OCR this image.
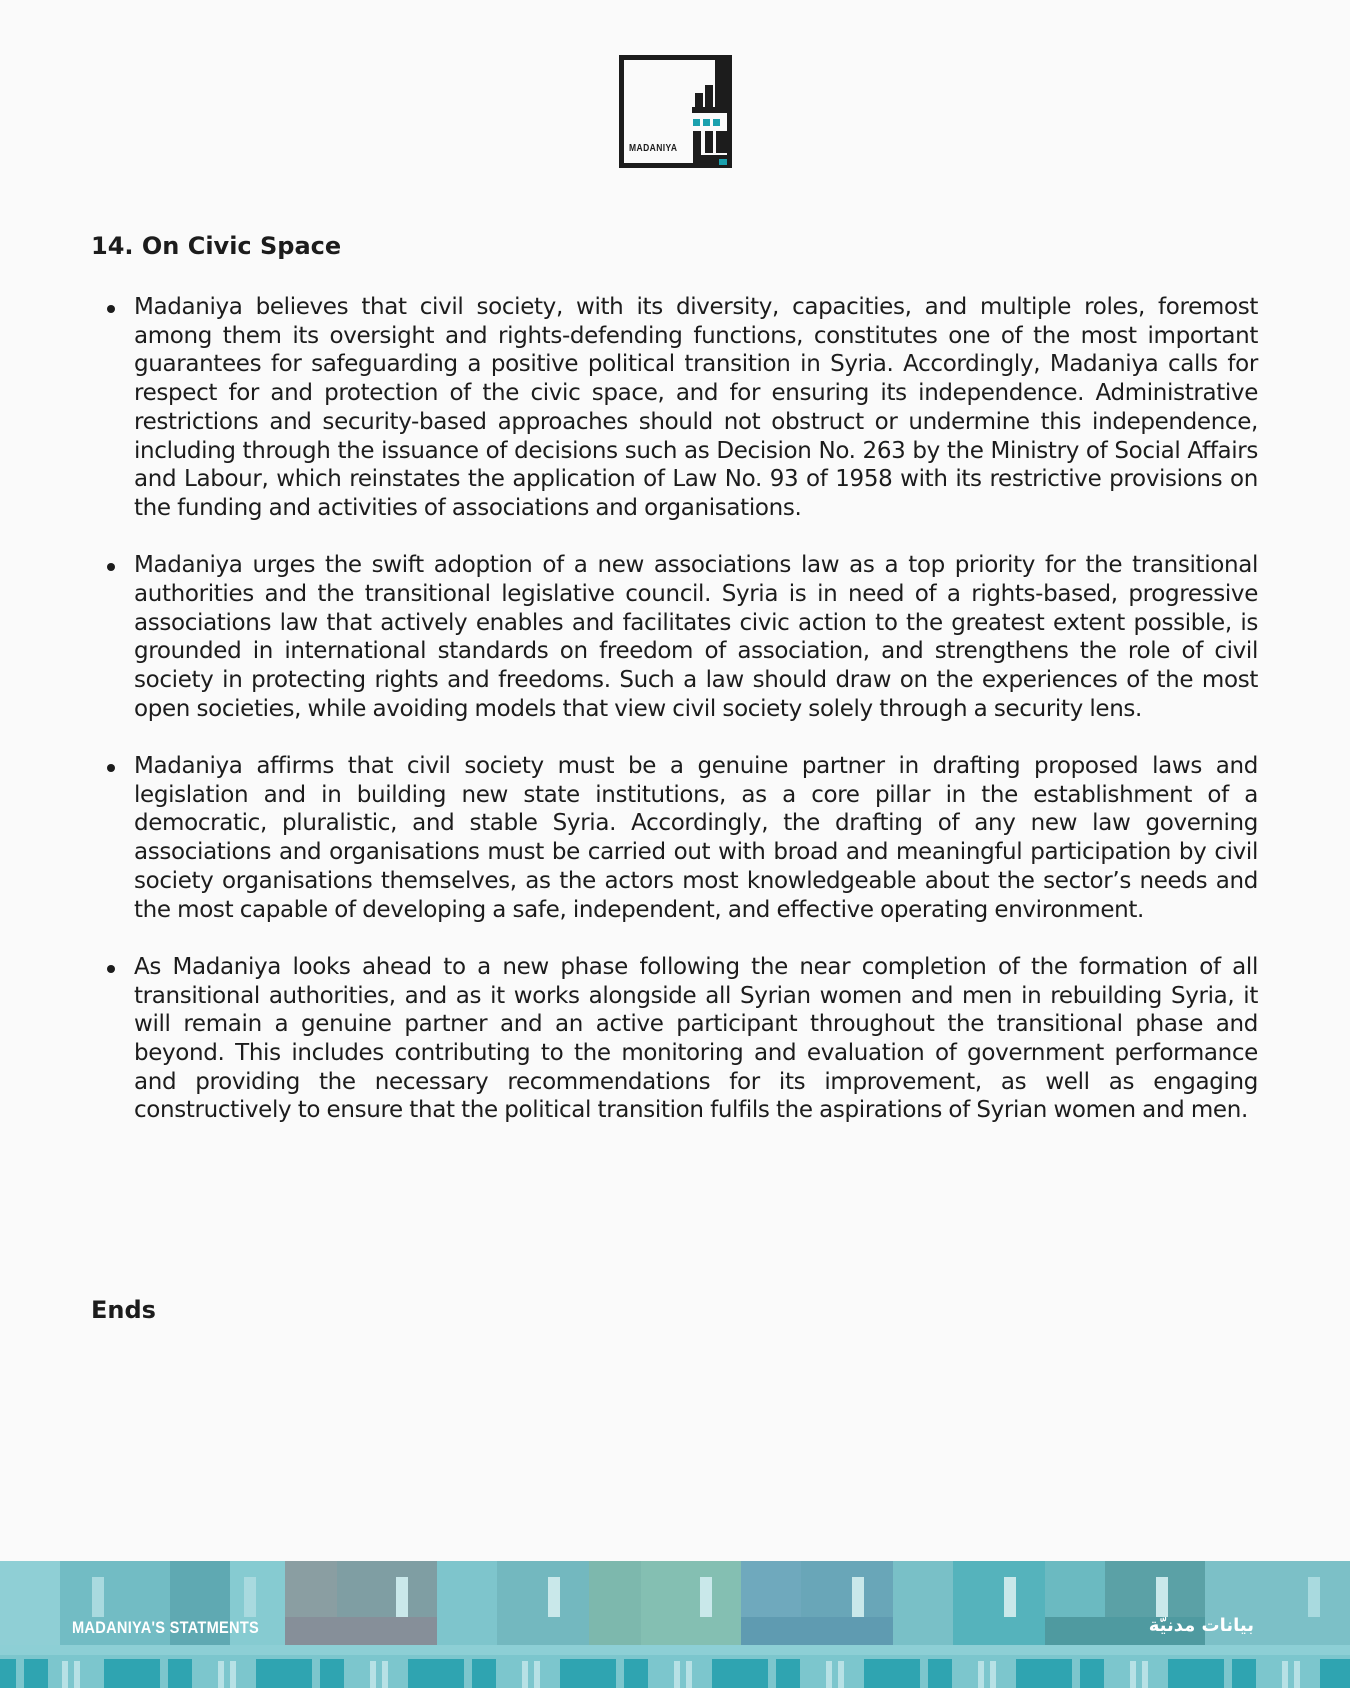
MADANIYA
14. On Civic Space
Madaniya believes that civil society, with its diversity, capacities, and multiple roles, foremost among them its oversight and rights-defending functions, constitutes one of the most important guarantees for safeguarding a positive political transition in Syria. Accordingly, Madaniya calls for respect for and protection of the civic space, and for ensuring its independence. Administrative restrictions and security-based approaches should not obstruct or undermine this independence, including through the issuance of decisions such as Decision No. 263 by the Ministry of Social Affairs and Labour, which reinstates the application of Law No. 93 of 1958 with its restrictive provisions on the funding and activities of associations and organisations.
Madaniya urges the swift adoption of a new associations law as a top priority for the transitional authorities and the transitional legislative council. Syria is in need of a rights-based, progressive associations law that actively enables and facilitates civic action to the greatest extent possible, is grounded in international standards on freedom of association, and strengthens the role of civil society in protecting rights and freedoms. Such a law should draw on the experiences of the most open societies, while avoiding models that view civil society solely through a security lens.
Madaniya affirms that civil society must be a genuine partner in drafting proposed laws and legislation and in building new state institutions, as a core pillar in the establishment of a democratic, pluralistic, and stable Syria. Accordingly, the drafting of any new law governing associations and organisations must be carried out with broad and meaningful participation by civil society organisations themselves, as the actors most knowledgeable about the sector’s needs and the most capable of developing a safe, independent, and effective operating environment.
As Madaniya looks ahead to a new phase following the near completion of the formation of all transitional authorities, and as it works alongside all Syrian women and men in rebuilding Syria, it will remain a genuine partner and an active participant throughout the transitional phase and beyond. This includes contributing to the monitoring and evaluation of government performance and providing the necessary recommendations for its improvement, as well as engaging constructively to ensure that the political transition fulfils the aspirations of Syrian women and men.

Ends

MADANIYA'S STATMENTS	بيانات مدنيّة
